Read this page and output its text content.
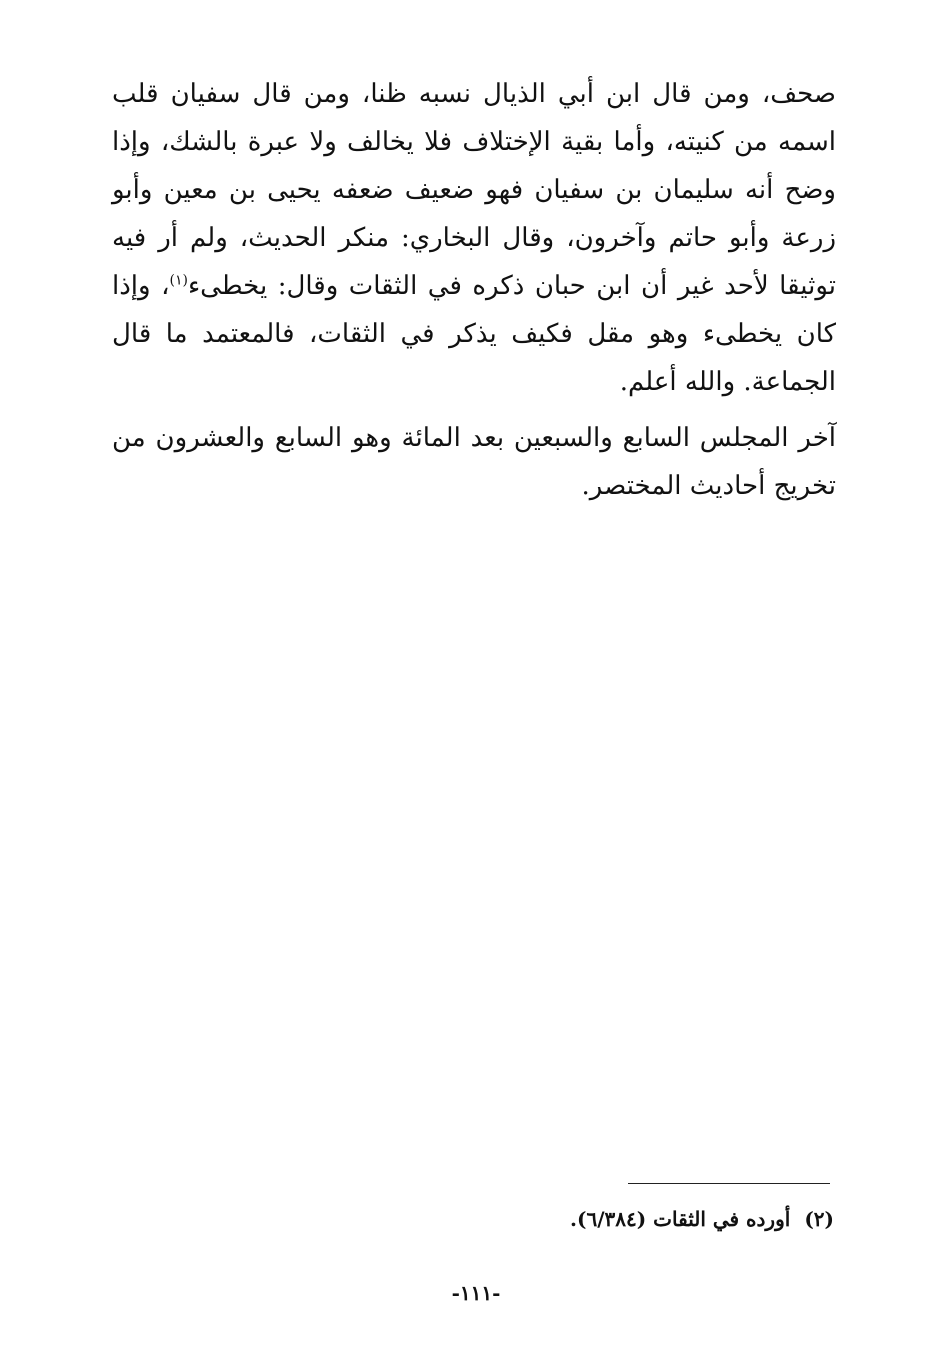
صحف، ومن قال ابن أبي الذيال نسبه ظنا، ومن قال سفيان قلب اسمه من كنيته، وأما بقية الإختلاف فلا يخالف ولا عبرة بالشك، وإذا وضح أنه سليمان بن سفيان فهو ضعيف ضعفه يحيى بن معين وأبو زرعة وأبو حاتم وآخرون، وقال البخاري: منكر الحديث، ولم أر فيه توثيقا لأحد غير أن ابن حبان ذكره في الثقات وقال: يخطىء$^{(١)}$، وإذا كان يخطىء وهو مقل فكيف يذكر في الثقات، فالمعتمد ما قال الجماعة. والله أعلم.

آخر المجلس السابع والسبعين بعد المائة وهو السابع والعشرون من تخريج أحاديث المختصر.

(٢)أورده في الثقات (٦/٣٨٤).
-١١١-
